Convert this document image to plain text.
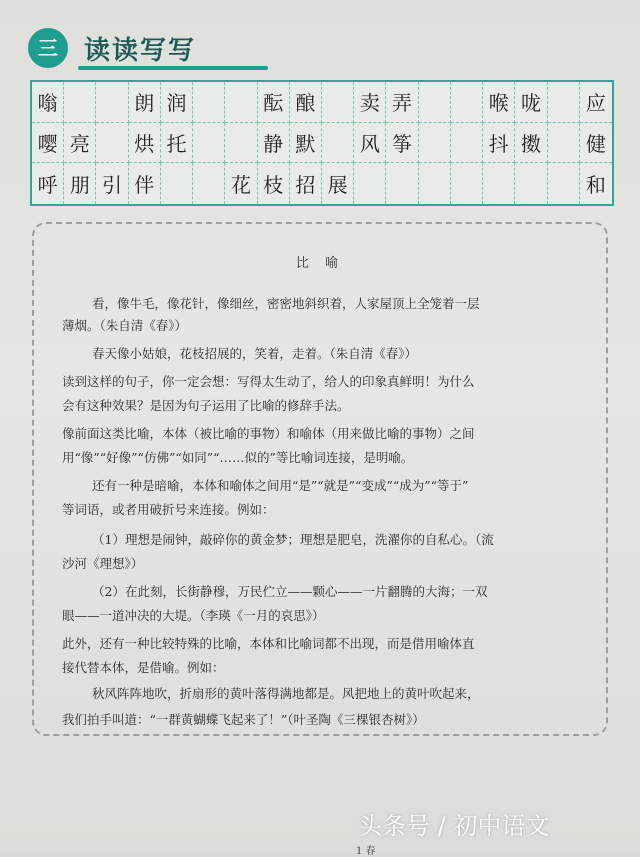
三	读读写写
嗡	朗 润	酝 酿	卖 弄	喉 咙	应
嘤 亮	烘 托	静 默	风 筝	抖 擞	健
呼 朋 引 伴	花 枝 招 展	和
比 喻
看，像牛毛，像花针，像细丝，密密地斜织着，人家屋顶上全笼着一层
薄烟。（朱自清《春》）
春天像小姑娘，花枝招展的，笑着，走着。（朱自清《春》）
读到这样的句子，你一定会想：写得太生动了，给人的印象真鲜明！为什么
会有这种效果？是因为句子运用了比喻的修辞手法。
像前面这类比喻，本体（被比喻的事物）和喻体（用来做比喻的事物）之间
用“像”“好像”“仿佛”“如同”“……似的”等比喻词连接，是明喻。
还有一种是暗喻，本体和喻体之间用“是”“就是”“变成”“成为”“等于”
等词语，或者用破折号来连接。例如：
（1）理想是闹钟，敲碎你的黄金梦；理想是肥皂，洗濯你的自私心。（流
沙河《理想》）
（2）在此刻，长街静穆，万民伫立——颗心——一片翻腾的大海；一双
眼——一道冲决的大堤。（李瑛《一月的哀思》）
此外，还有一种比较特殊的比喻，本体和比喻词都不出现，而是借用喻体直
接代替本体，是借喻。例如：
秋风阵阵地吹，折扇形的黄叶落得满地都是。风把地上的黄叶吹起来，
我们拍手叫道：“一群黄蝴蝶飞起来了！”（叶圣陶《三棵银杏树》）
头条号 / 初中语文
1 春
